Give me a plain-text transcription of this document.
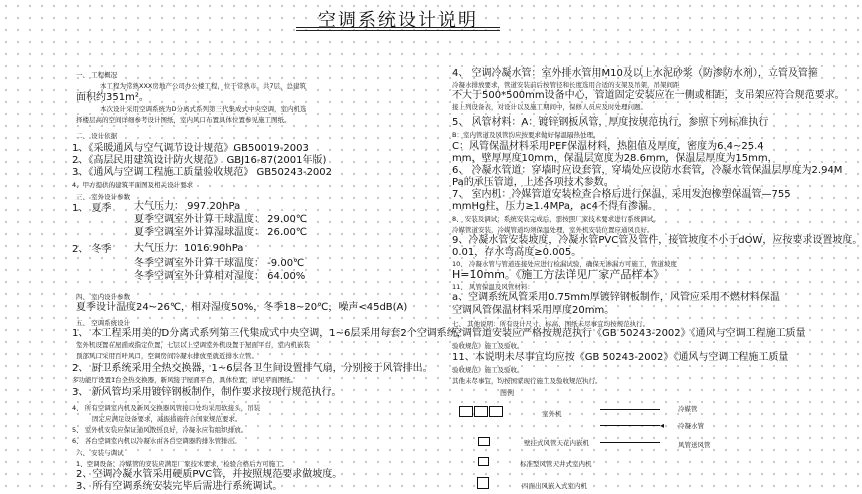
空调系统设计说明
一、 工程概况
本工程为常熟XXX房地产公司办公楼工程，位于常熟市。共7层，总建筑
面积约351m²。
本次设计采用空调系统为D分离式系列第三代集成式中央空调，室内机选
择楼层高的空间详细参考设计图纸，室内风口布置具体位置参见施工图纸。
二、 设计依据
1、《采暖通风与空气调节设计规范》GB50019-2003
2、《高层民用建筑设计防火规范》 GBJ16-87(2001年版)
3、《通风与空调工程施工质量验收规范》 GB50243-2002
4、甲方提供的建筑平面图及相关设计要求
三、 室外设计参数
1、 夏季 大气压力： 997.20hPa
夏季空调室外计算干球温度： 29.00℃
夏季空调室外计算湿球温度： 26.00℃
2、 冬季 大气压力：1016.90hPa
冬季空调室外计算干球温度： -9.00℃
冬季空调室外计算相对湿度： 64.00%
四、 室内设计参数
夏季设计温度24~26℃，相对湿度50%，冬季18~20℃，噪声<45dB(A)
五、 空调系统设计
1、 本工程采用美的D分离式系列第三代集成式中央空调，1~6层采用每套2个空调系统，
室外机设置在屋面或指定位置，七层以上空调室外机设置于屋面平台，室内机嵌装
顶部风口采用百叶风口，空调房间冷凝水排放至就近排水立管。
2、 厨卫系统采用全热交换器，1~6层各卫生间设置排气扇，分别接于风管排出。
多功能厅设置1台全热交换器，新风接于屋面平台，具体位置，详见平面图纸。
3、 新风管均采用镀锌钢板制作，制作要求按现行规范执行。
4、 所有空调室内机及新风交换器风管接口处均采用软接头，吊装
固定应满足设备要求，减振措施符合国家规范要求。
5、 室外机安装应保证通风散热良好，冷凝水应有组织排放。
6、 各台空调室内机以冷凝水由各台空调器的排水管排出。
六、 安装与调试
1、空调设备、冷媒管的安装应满足厂家技术要求，检验合格后方可施工。
2、空调冷凝水管采用硬质PVC管，并按照规范要求做坡度。
3、所有空调系统安装完毕后需进行系统调试。
4、 空调冷凝水管：室外排水管用M10及以上水泥砂浆（防渗防水剂），立管及管箍
冷凝水排放要求，管道安装前后按管径和长度选用合适的支架及吊架，吊架间距
不大于500*500mm设备中心，管道固定安装应在一侧或相距，支吊架应符合规范要求。
接上列设备表，对设计以及施工期间中，保修人员应及时处理问题。
5、 风管材料：A：镀锌钢板风管，厚度按规范执行，参照下列标准执行
B：室内管道及风管均应按要求做好保温隔热处理。
C：风管保温材料采用PEF保温材料，热阻值及厚度，密度为6.4~25.4
mm，壁厚厚度10mm，保温层宽度为28.6mm，保温层厚度为15mm，
6、 冷凝水管道：穿墙时应设套管，穿墙处应设防水套管，冷凝水管保温层厚度为2.94M
Pa的承压管道，上述各项技术参数。
7、 室内机：冷媒管道安装检查合格后进行保温，采用发泡橡塑保温管—755
mmHg柱，压力≥1.4MPa，ac4不得有渗漏。
8、 安装及调试：系统安装完成后，需按照厂家技术要求进行系统调试。
冷媒管道安装，冷媒管道均须保温处理，室外机安装位置应通风良好。
9、冷凝水管安装坡度，冷凝水管PVC管及管件，接管坡度不小于dOW，应按要求设置坡度。
0.01，存水弯高度≥0.005。
10、 冷凝水管与管道连接处应进行检漏试验，确保无渗漏方可施工，管道坡度
H=10mm。《施工方法详见厂家产品样本》
11、 风管保温及风管材料：
a、空调系统风管采用0.75mm厚镀锌钢板制作，风管应采用不燃材料保温
空调风管保温材料采用厚度20mm。
七、 其他说明：所有设计尺寸、标高、图纸未尽事宜均按规范执行。
空调管道安装应严格按规范执行《GB 50243-2002》《通风与空调工程施工质量
验收规范》施工及验收。
11、本说明未尽事宜均应按《GB 50243-2002》《通风与空调工程施工质量
验收规范》施工及验收。
其他未尽事宜，均按国家现行施工及验收规范执行。
图例
◂
室外机
冷媒管
冷凝水管
风管送风管
壁挂式风管天花内嵌机
标准型风管天井式室内机
四面出风嵌入式室内机
